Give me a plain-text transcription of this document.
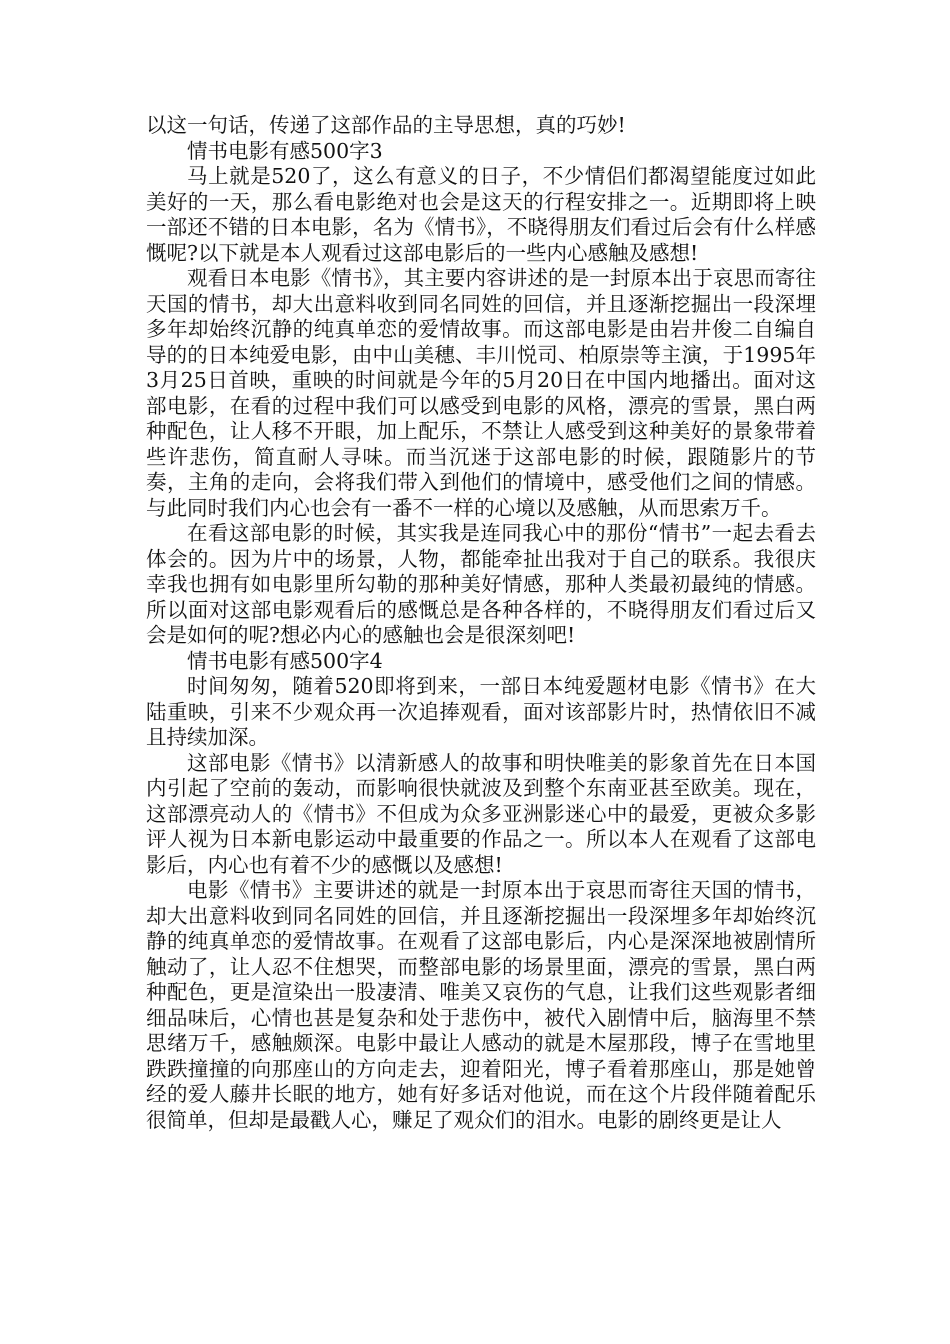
以这一句话，传递了这部作品的主导思想，真的巧妙!

情书电影有感500字3

马上就是520了，这么有意义的日子，不少情侣们都渴望能度过如此美好的一天，那么看电影绝对也会是这天的行程安排之一。近期即将上映一部还不错的日本电影，名为《情书》，不晓得朋友们看过后会有什么样感慨呢?以下就是本人观看过这部电影后的一些内心感触及感想!

观看日本电影《情书》，其主要内容讲述的是一封原本出于哀思而寄往天国的情书，却大出意料收到同名同姓的回信，并且逐渐挖掘出一段深埋多年却始终沉静的纯真单恋的爱情故事。而这部电影是由岩井俊二自编自导的的日本纯爱电影，由中山美穗、丰川悦司、柏原崇等主演，于1995年3月25日首映，重映的时间就是今年的5月20日在中国内地播出。面对这部电影，在看的过程中我们可以感受到电影的风格，漂亮的雪景，黑白两种配色，让人移不开眼，加上配乐，不禁让人感受到这种美好的景象带着些许悲伤，简直耐人寻味。而当沉迷于这部电影的时候，跟随影片的节奏，主角的走向，会将我们带入到他们的情境中，感受他们之间的情感。与此同时我们内心也会有一番不一样的心境以及感触，从而思索万千。

在看这部电影的时候，其实我是连同我心中的那份“情书”一起去看去体会的。因为片中的场景，人物，都能牵扯出我对于自己的联系。我很庆幸我也拥有如电影里所勾勒的那种美好情感，那种人类最初最纯的情感。所以面对这部电影观看后的感慨总是各种各样的，不晓得朋友们看过后又会是如何的呢?想必内心的感触也会是很深刻吧!

情书电影有感500字4

时间匆匆，随着520即将到来，一部日本纯爱题材电影《情书》在大陆重映，引来不少观众再一次追捧观看，面对该部影片时，热情依旧不减且持续加深。

这部电影《情书》以清新感人的故事和明快唯美的影象首先在日本国内引起了空前的轰动，而影响很快就波及到整个东南亚甚至欧美。现在，这部漂亮动人的《情书》不但成为众多亚洲影迷心中的最爱，更被众多影评人视为日本新电影运动中最重要的作品之一。所以本人在观看了这部电影后，内心也有着不少的感慨以及感想!

电影《情书》主要讲述的就是一封原本出于哀思而寄往天国的情书，却大出意料收到同名同姓的回信，并且逐渐挖掘出一段深埋多年却始终沉静的纯真单恋的爱情故事。在观看了这部电影后，内心是深深地被剧情所触动了，让人忍不住想哭，而整部电影的场景里面，漂亮的雪景，黑白两种配色，更是渲染出一股凄清、唯美又哀伤的气息，让我们这些观影者细细品味后，心情也甚是复杂和处于悲伤中，被代入剧情中后，脑海里不禁思绪万千，感触颇深。电影中最让人感动的就是木屋那段，博子在雪地里跌跌撞撞的向那座山的方向走去，迎着阳光，博子看着那座山，那是她曾经的爱人藤井长眠的地方，她有好多话对他说，而在这个片段伴随着配乐很简单，但却是最戳人心，赚足了观众们的泪水。电影的剧终更是让人
